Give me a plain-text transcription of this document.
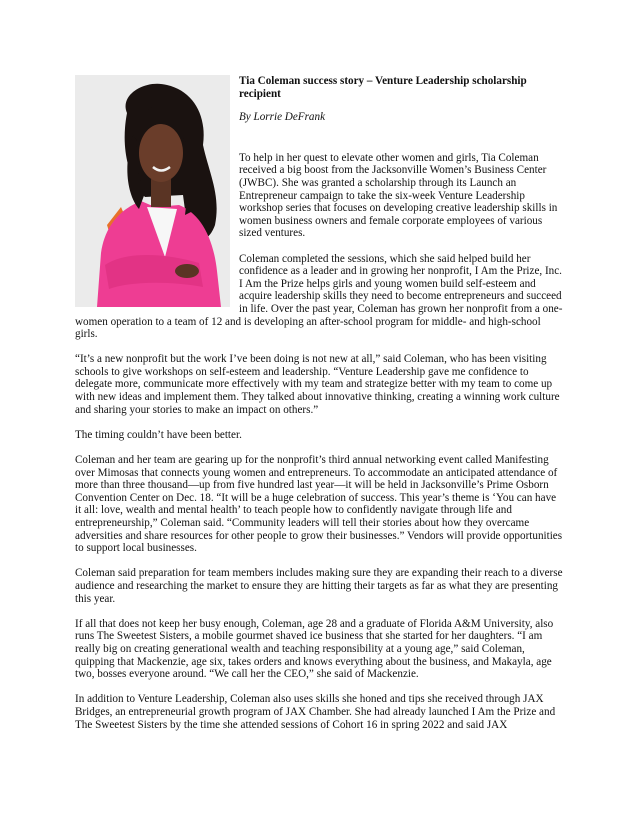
Tia Coleman success story – Venture Leadership scholarship recipient
By Lorrie DeFrank

To help in her quest to elevate other women and girls, Tia Coleman received a big boost from the Jacksonville Women’s Business Center (JWBC). She was granted a scholarship through its Launch an Entrepreneur campaign to take the six-week Venture Leadership workshop series that focuses on developing creative leadership skills in women business owners and female corporate employees of various sized ventures.

Coleman completed the sessions, which she said helped build her confidence as a leader and in growing her nonprofit, I Am the Prize, Inc. I Am the Prize helps girls and young women build self-esteem and acquire leadership skills they need to become entrepreneurs and succeed in life. Over the past year, Coleman has grown her nonprofit from a one-women operation to a team of 12 and is developing an after-school program for middle- and high-school girls.

“It’s a new nonprofit but the work I’ve been doing is not new at all,” said Coleman, who has been visiting schools to give workshops on self-esteem and leadership. “Venture Leadership gave me confidence to delegate more, communicate more effectively with my team and strategize better with my team to come up with new ideas and implement them. They talked about innovative thinking, creating a winning work culture and sharing your stories to make an impact on others.”

The timing couldn’t have been better.

Coleman and her team are gearing up for the nonprofit’s third annual networking event called Manifesting over Mimosas that connects young women and entrepreneurs. To accommodate an anticipated attendance of more than three thousand—up from five hundred last year—it will be held in Jacksonville’s Prime Osborn Convention Center on Dec. 18. “It will be a huge celebration of success. This year’s theme is ‘You can have it all: love, wealth and mental health’ to teach people how to confidently navigate through life and entrepreneurship,” Coleman said. “Community leaders will tell their stories about how they overcame adversities and share resources for other people to grow their businesses.” Vendors will provide opportunities to support local businesses.

Coleman said preparation for team members includes making sure they are expanding their reach to a diverse audience and researching the market to ensure they are hitting their targets as far as what they are presenting this year.

If all that does not keep her busy enough, Coleman, age 28 and a graduate of Florida A&M University, also runs The Sweetest Sisters, a mobile gourmet shaved ice business that she started for her daughters. “I am really big on creating generational wealth and teaching responsibility at a young age,” said Coleman, quipping that Mackenzie, age six, takes orders and knows everything about the business, and Makayla, age two, bosses everyone around. “We call her the CEO,” she said of Mackenzie.

In addition to Venture Leadership, Coleman also uses skills she honed and tips she received through JAX Bridges, an entrepreneurial growth program of JAX Chamber. She had already launched I Am the Prize and The Sweetest Sisters by the time she attended sessions of Cohort 16 in spring 2022 and said JAX
